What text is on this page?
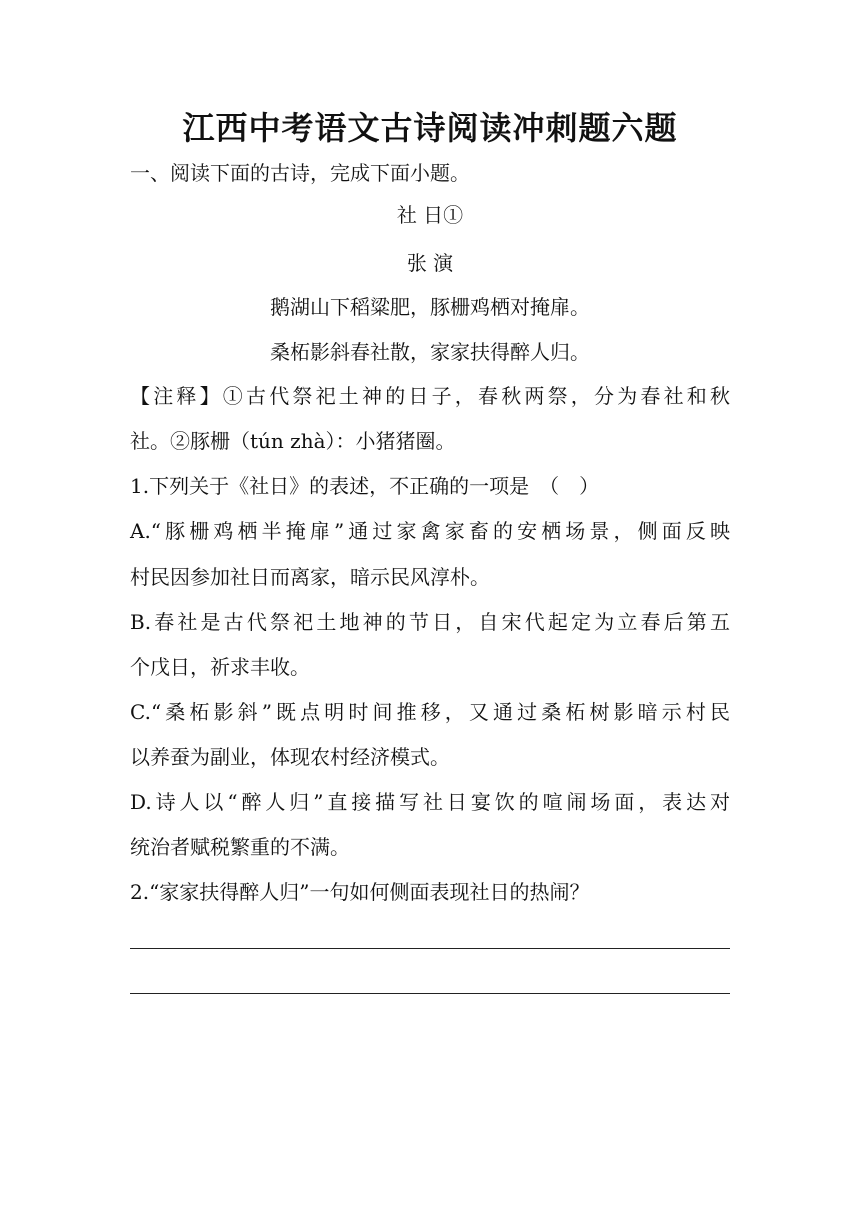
江西中考语文古诗阅读冲刺题六题
一、阅读下面的古诗，完成下面小题。
社 日①
张 演
鹅湖山下稻粱肥，豚栅鸡栖对掩扉。
桑柘影斜春社散，家家扶得醉人归。
【注释】①古代祭祀土神的日子，春秋两祭，分为春社和秋
社。②豚栅（tún zhà）：小猪猪圈。
1.下列关于《社日》的表述，不正确的一项是　（　）
A.“豚栅鸡栖半掩扉”通过家禽家畜的安栖场景，侧面反映
村民因参加社日而离家，暗示民风淳朴。
B.春社是古代祭祀土地神的节日，自宋代起定为立春后第五
个戊日，祈求丰收。
C.“桑柘影斜”既点明时间推移，又通过桑柘树影暗示村民
以养蚕为副业，体现农村经济模式。
D.诗人以“醉人归”直接描写社日宴饮的喧闹场面，表达对
统治者赋税繁重的不满。
2.“家家扶得醉人归”一句如何侧面表现社日的热闹？
